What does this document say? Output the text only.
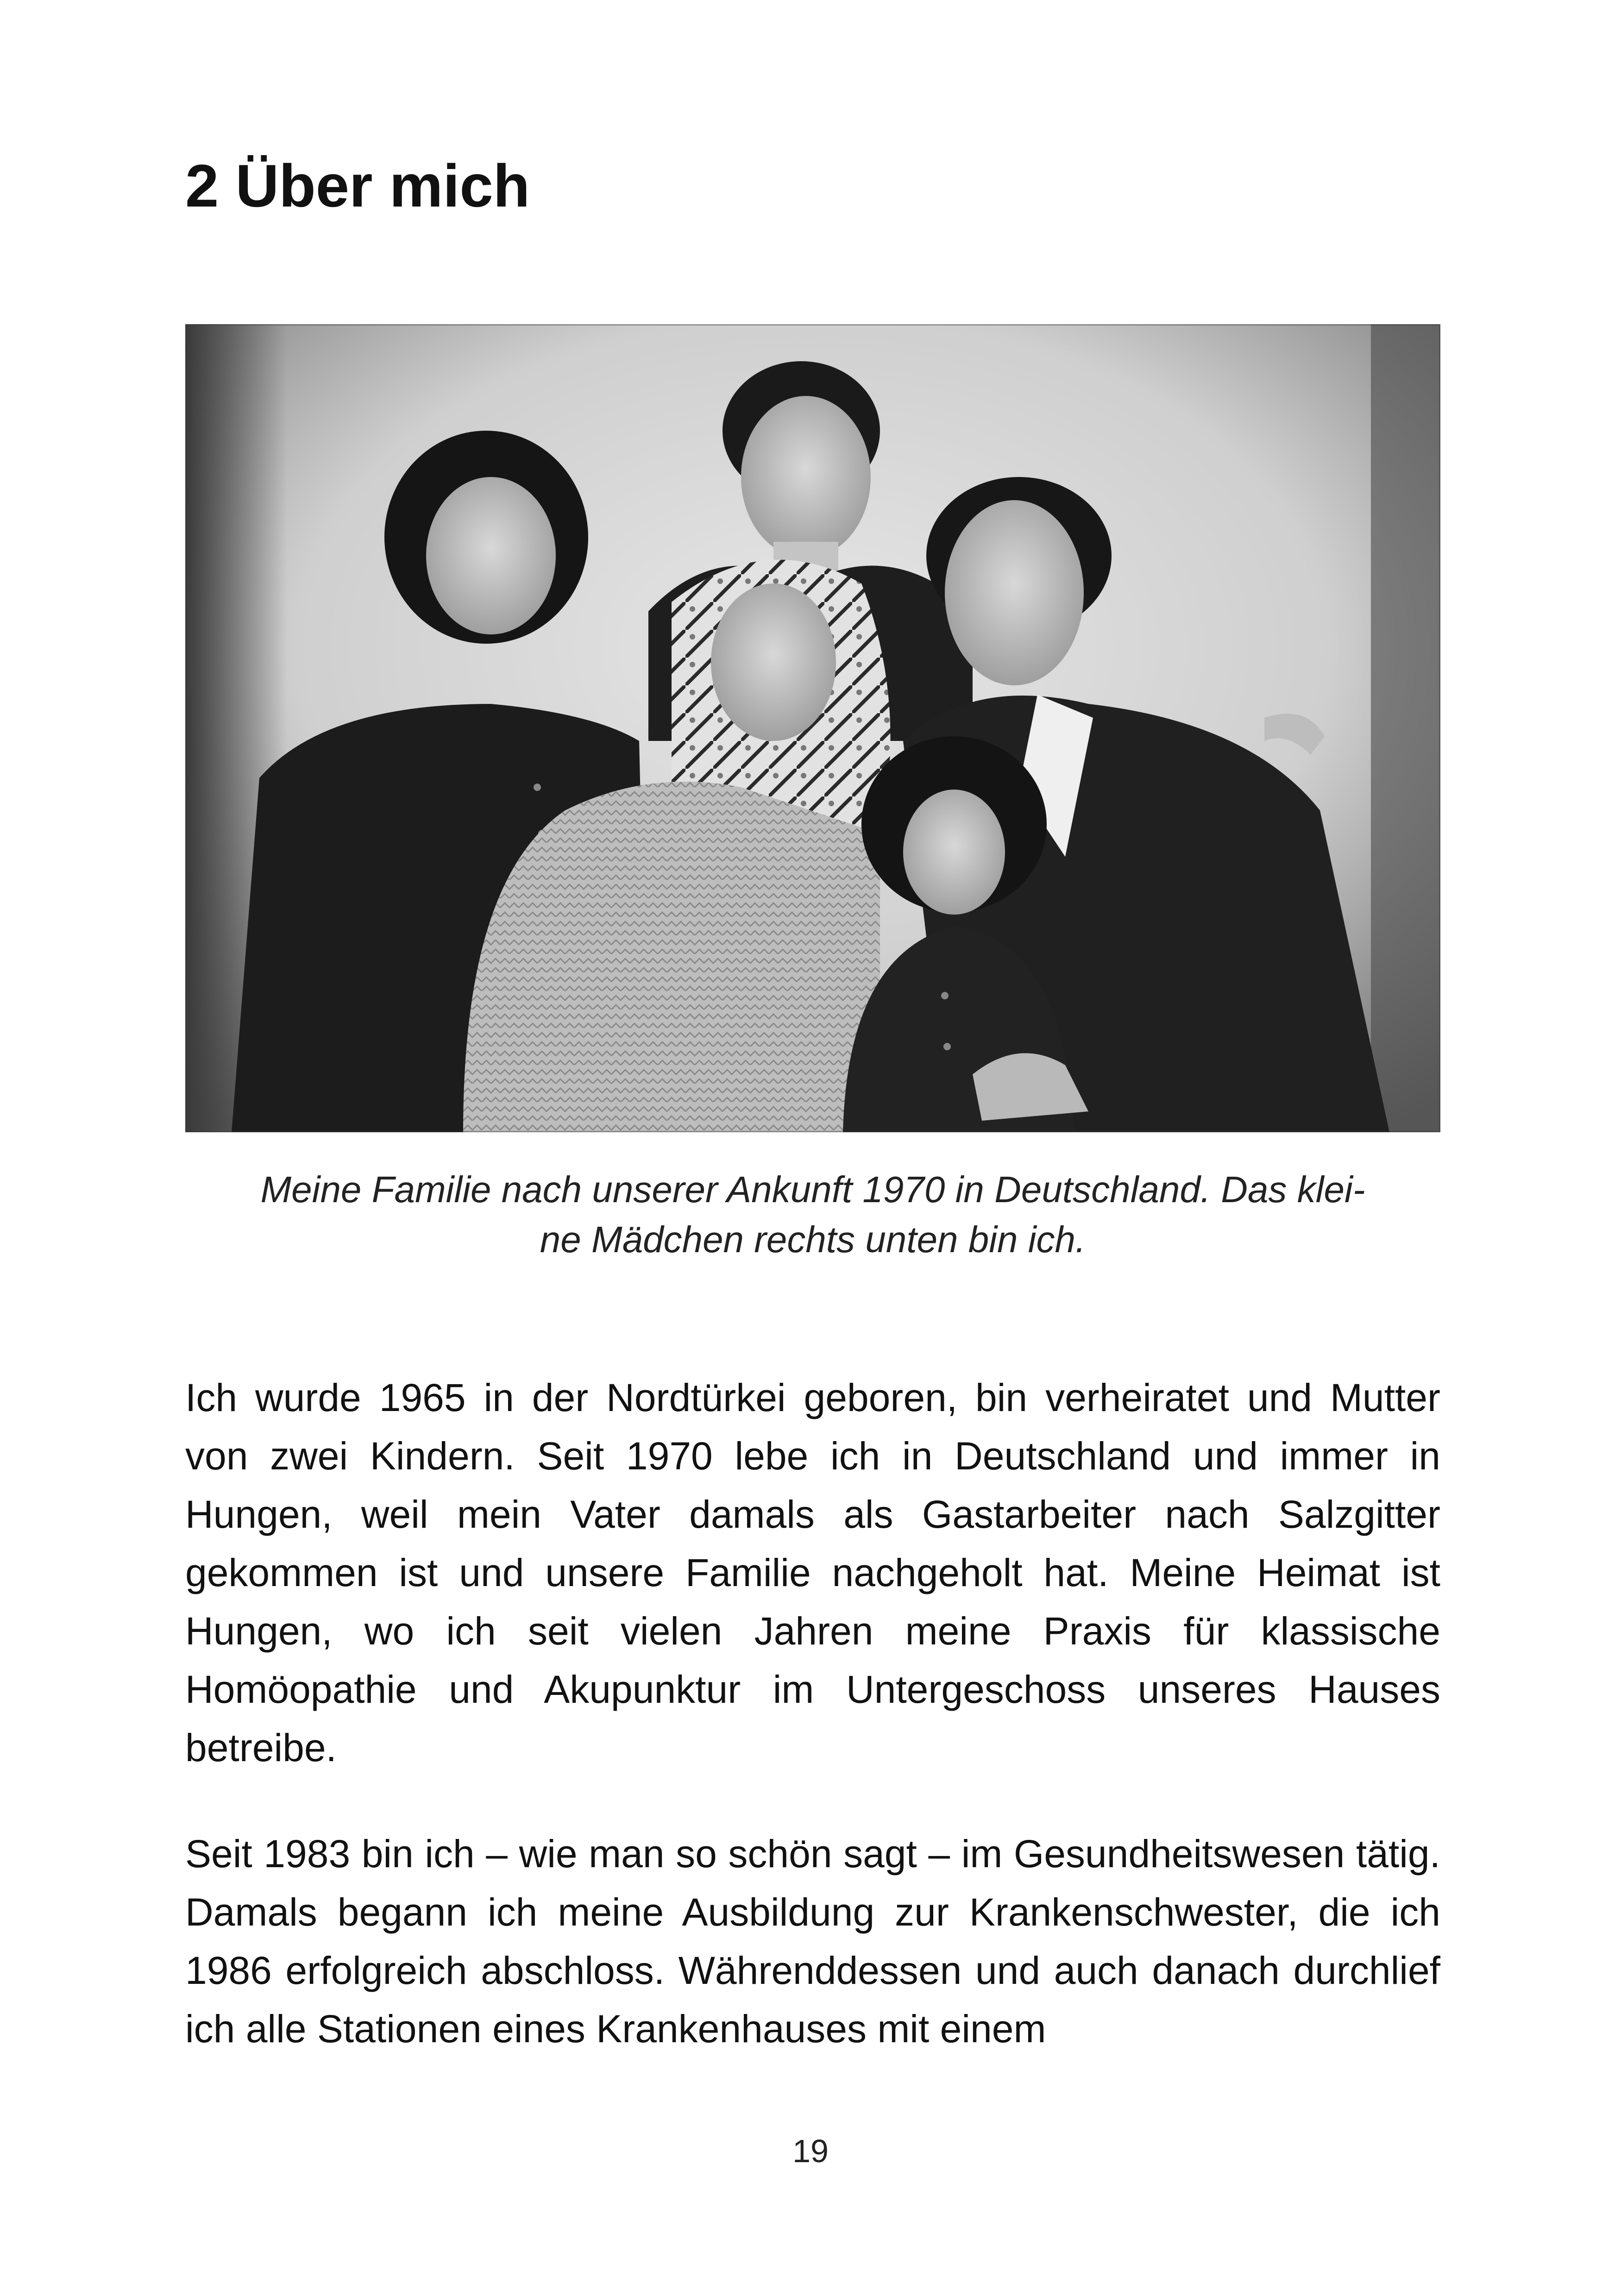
2 Über mich

Meine Familie nach unserer Ankunft 1970 in Deutschland. Das klei-
ne Mädchen rechts unten bin ich.

Ich wurde 1965 in der Nordtürkei geboren, bin verheiratet und Mutter von zwei Kindern. Seit 1970 lebe ich in Deutschland und immer in Hungen, weil mein Vater damals als Gastarbeiter nach Salzgitter gekommen ist und unsere Familie nachgeholt hat. Meine Heimat ist Hungen, wo ich seit vielen Jahren meine Praxis für klassische Homöopathie und Akupunktur im Untergeschoss unseres Hauses betreibe.

Seit 1983 bin ich – wie man so schön sagt – im Gesundheitswesen tätig. Damals begann ich meine Ausbildung zur Krankenschwester, die ich 1986 erfolgreich abschloss. Währenddessen und auch danach durchlief ich alle Stationen eines Krankenhauses mit einem

19
